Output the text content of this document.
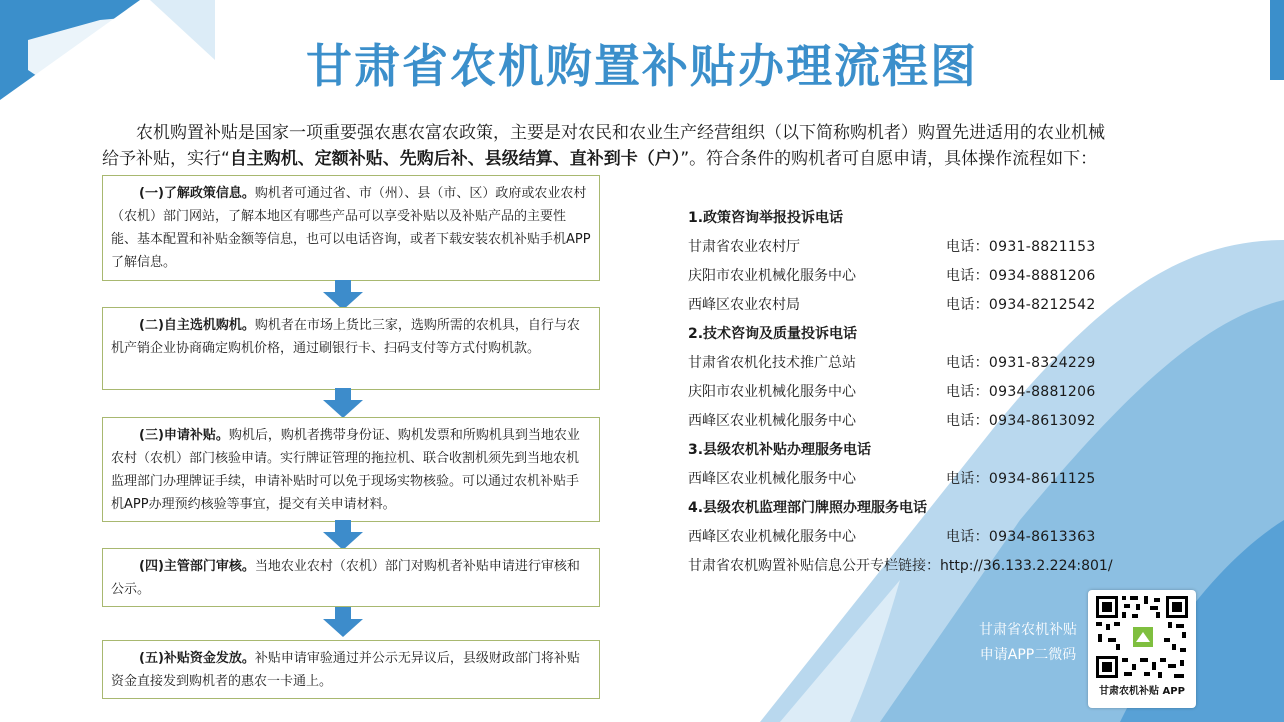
甘肃省农机购置补贴办理流程图

农机购置补贴是国家一项重要强农惠农富农政策，主要是对农民和农业生产经营组织（以下简称购机者）购置先进适用的农业机械

给予补贴，实行“自主购机、定额补贴、先购后补、县级结算、直补到卡（户）”。符合条件的购机者可自愿申请，具体操作流程如下：
(一)了解政策信息。购机者可通过省、市（州）、县（市、区）政府或农业农村（农机）部门网站，了解本地区有哪些产品可以享受补贴以及补贴产品的主要性能、基本配置和补贴金额等信息，也可以电话咨询，或者下载安装农机补贴手机APP了解信息。
(二)自主选机购机。购机者在市场上货比三家，选购所需的农机具，自行与农机产销企业协商确定购机价格，通过刷银行卡、扫码支付等方式付购机款。
(三)申请补贴。购机后，购机者携带身份证、购机发票和所购机具到当地农业农村（农机）部门核验申请。实行牌证管理的拖拉机、联合收割机须先到当地农机监理部门办理牌证手续，申请补贴时可以免于现场实物核验。可以通过农机补贴手机APP办理预约核验等事宜，提交有关申请材料。
(四)主管部门审核。当地农业农村（农机）部门对购机者补贴申请进行审核和公示。
(五)补贴资金发放。补贴申请审验通过并公示无异议后，县级财政部门将补贴资金直接发到购机者的惠农一卡通上。
1.政策咨询举报投诉电话
甘肃省农业农村厅	电话：0931-8821153
庆阳市农业机械化服务中心	电话：0934-8881206
西峰区农业农村局	电话：0934-8212542
2.技术咨询及质量投诉电话
甘肃省农机化技术推广总站	电话：0931-8324229
庆阳市农业机械化服务中心	电话：0934-8881206
西峰区农业机械化服务中心	电话：0934-8613092
3.县级农机补贴办理服务电话
西峰区农业机械化服务中心	电话：0934-8611125
4.县级农机监理部门牌照办理服务电话
西峰区农业机械化服务中心	电话：0934-8613363
甘肃省农机购置补贴信息公开专栏链接：http://36.133.2.224:801/
甘肃省农机补贴
申请APP二微码
甘肃农机补贴 APP
